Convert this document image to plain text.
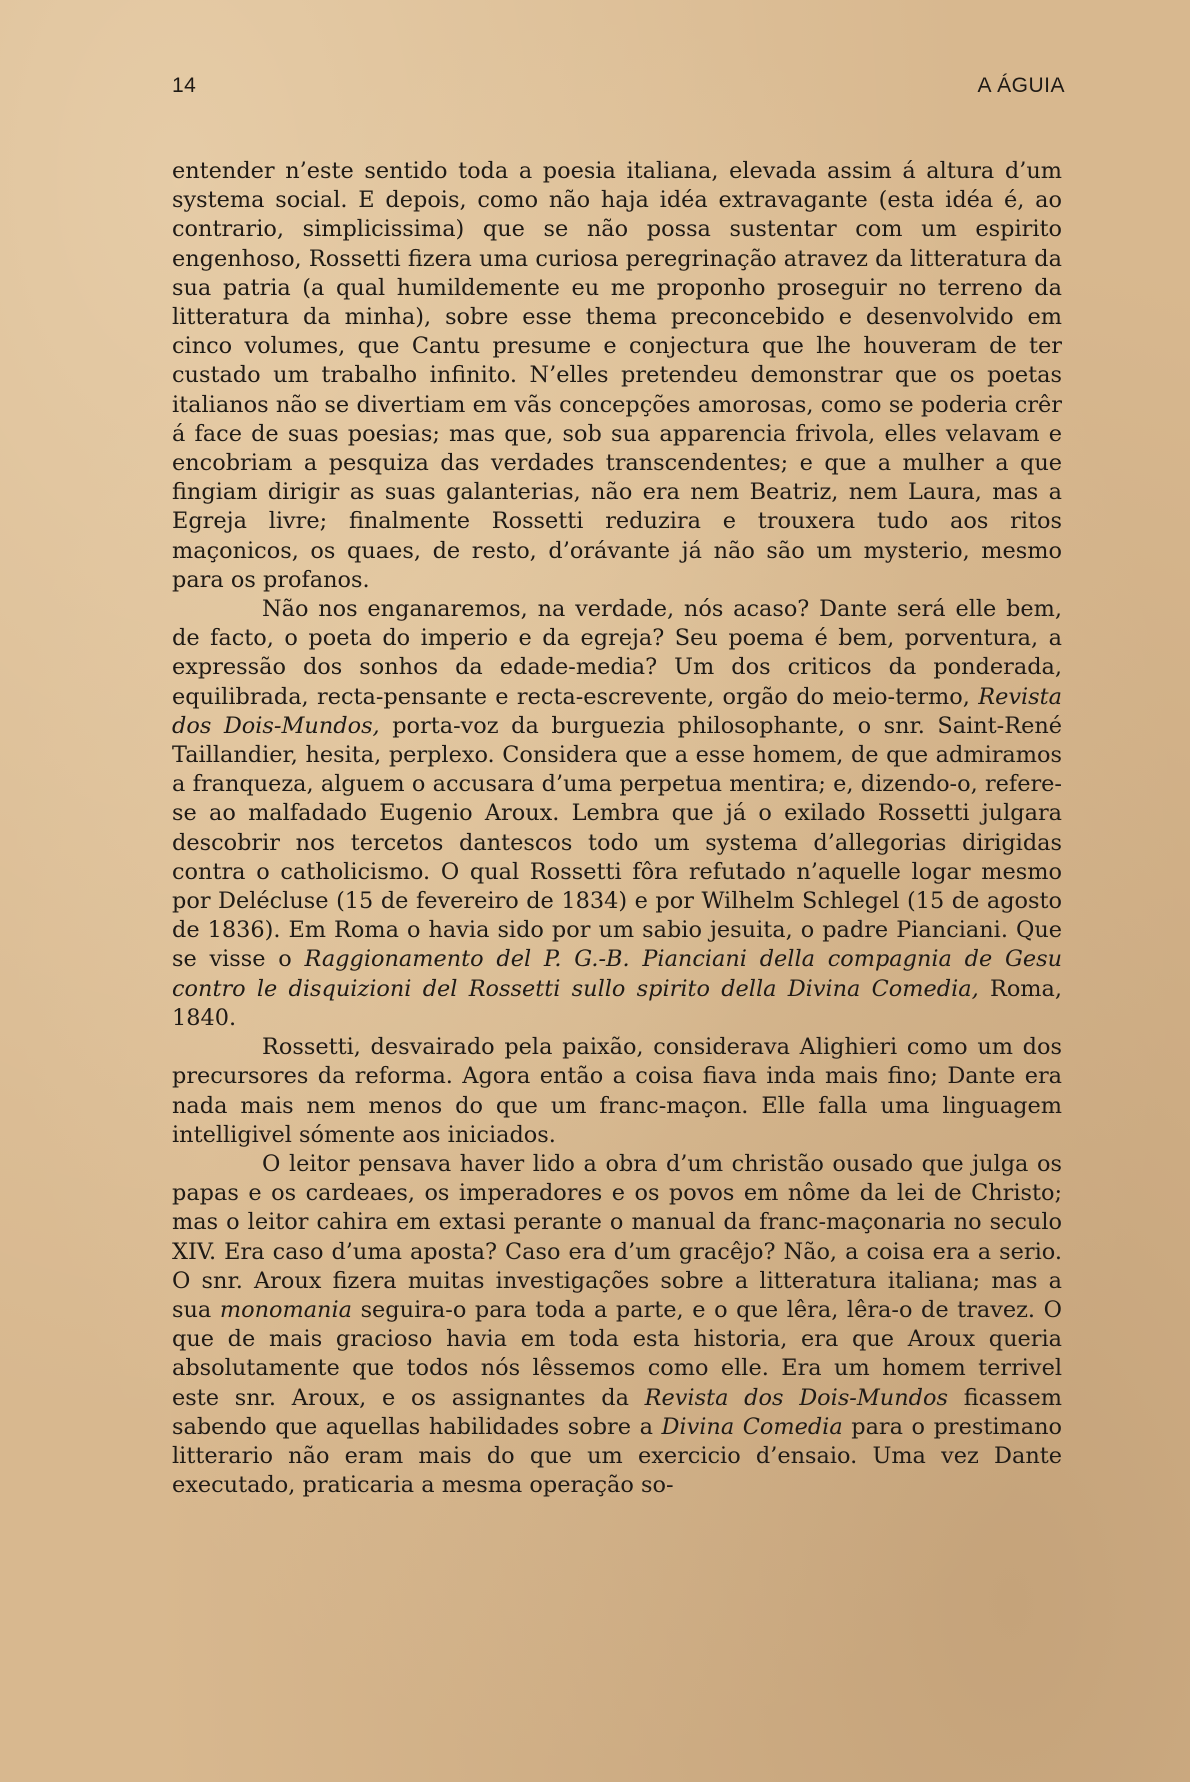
14	A ÁGUIA

entender n’este sentido toda a poesia italiana, elevada assim á altura d’um systema social. E depois, como não haja idéa extravagante (esta idéa é, ao contrario, simplicissima) que se não possa sustentar com um espirito engenhoso, Rossetti fizera uma curiosa peregrinação atravez da litteratura da sua patria (a qual humildemente eu me proponho proseguir no terreno da litteratura da minha), sobre esse thema preconcebido e desenvolvido em cinco volumes, que Cantu presume e conjectura que lhe houveram de ter custado um trabalho infinito. N’elles pretendeu demonstrar que os poetas italianos não se divertiam em vãs concepções amorosas, como se poderia crêr á face de suas poesias; mas que, sob sua apparencia frivola, elles velavam e encobriam a pesquiza das verdades transcendentes; e que a mulher a que fingiam dirigir as suas galanterias, não era nem Beatriz, nem Laura, mas a Egreja livre; finalmente Rossetti reduzira e trouxera tudo aos ritos maçonicos, os quaes, de resto, d’orávante já não são um mysterio, mesmo para os profanos.

Não nos enganaremos, na verdade, nós acaso? Dante será elle bem, de facto, o poeta do imperio e da egreja? Seu poema é bem, porventura, a expressão dos sonhos da edade-media? Um dos criticos da ponderada, equilibrada, recta-pensante e recta-escrevente, orgão do meio-termo, Revista dos Dois-Mundos, porta-voz da burguezia philosophante, o snr. Saint-René Taillandier, hesita, perplexo. Considera que a esse homem, de que admiramos a franqueza, alguem o accusara d’uma perpetua mentira; e, dizendo-o, refere-se ao malfadado Eugenio Aroux. Lembra que já o exilado Rossetti julgara descobrir nos tercetos dantescos todo um systema d’allegorias dirigidas contra o catholicismo. O qual Rossetti fôra refutado n’aquelle logar mesmo por Delécluse (15 de fevereiro de 1834) e por Wilhelm Schlegel (15 de agosto de 1836). Em Roma o havia sido por um sabio jesuita, o padre Pianciani. Que se visse o Raggionamento del P. G.-B. Pianciani della compagnia de Gesu contro le disquizioni del Rossetti sullo spirito della Divina Comedia, Roma, 1840.

Rossetti, desvairado pela paixão, considerava Alighieri como um dos precursores da reforma. Agora então a coisa fiava inda mais fino; Dante era nada mais nem menos do que um franc-maçon. Elle falla uma linguagem intelligivel sómente aos iniciados.

O leitor pensava haver lido a obra d’um christão ousado que julga os papas e os cardeaes, os imperadores e os povos em nôme da lei de Christo; mas o leitor cahira em extasi perante o manual da franc-maçonaria no seculo XIV. Era caso d’uma aposta? Caso era d’um gracêjo? Não, a coisa era a serio. O snr. Aroux fizera muitas investigações sobre a litteratura italiana; mas a sua monomania seguira-o para toda a parte, e o que lêra, lêra-o de travez. O que de mais gracioso havia em toda esta historia, era que Aroux queria absolutamente que todos nós lêssemos como elle. Era um homem terrivel este snr. Aroux, e os assignantes da Revista dos Dois-Mundos ficassem sabendo que aquellas habilidades sobre a Divina Comedia para o prestimano litterario não eram mais do que um exercicio d’ensaio. Uma vez Dante executado, praticaria a mesma operação so-
